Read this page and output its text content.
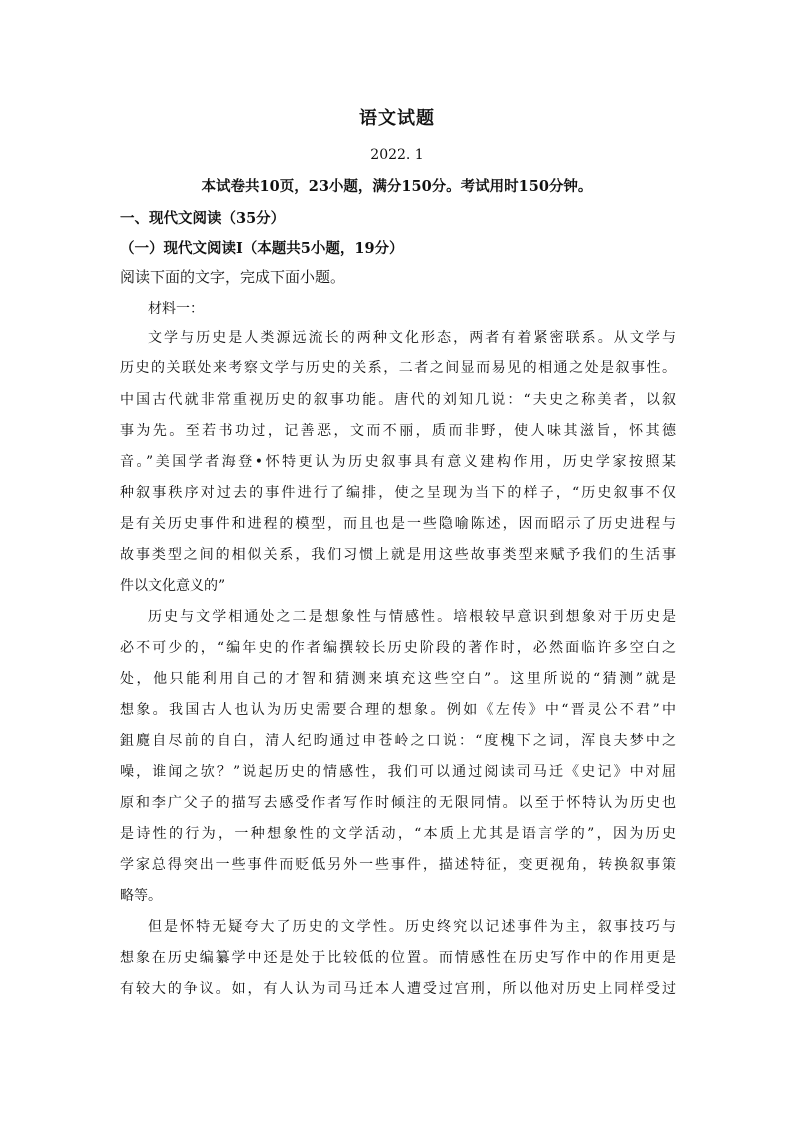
语文试题
2022. 1
本试卷共10页，23小题，满分150分。考试用时150分钟。
一、现代文阅读（35分）
（一）现代文阅读Ⅰ（本题共5小题，19分）
阅读下面的文字，完成下面小题。
材料一：
文学与历史是人类源远流长的两种文化形态，两者有着紧密联系。从文学与
历史的关联处来考察文学与历史的关系，二者之间显而易见的相通之处是叙事性。
中国古代就非常重视历史的叙事功能。唐代的刘知几说：“夫史之称美者，以叙
事为先。至若书功过，记善恶，文而不丽，质而非野，使人味其滋旨，怀其德
音。”美国学者海登•怀特更认为历史叙事具有意义建构作用，历史学家按照某
种叙事秩序对过去的事件进行了编排，使之呈现为当下的样子，“历史叙事不仅
是有关历史事件和进程的模型，而且也是一些隐喻陈述，因而昭示了历史进程与
故事类型之间的相似关系，我们习惯上就是用这些故事类型来赋予我们的生活事
件以文化意义的”
历史与文学相通处之二是想象性与情感性。培根较早意识到想象对于历史是
必不可少的，“编年史的作者编撰较长历史阶段的著作时，必然面临许多空白之
处，他只能利用自己的才智和猜测来填充这些空白”。这里所说的“猜测”就是
想象。我国古人也认为历史需要合理的想象。例如《左传》中“晋灵公不君”中
鉏麑自尽前的自白，清人纪昀通过申苍岭之口说：“度槐下之词，浑良夫梦中之
噪，谁闻之欤？”说起历史的情感性，我们可以通过阅读司马迁《史记》中对屈
原和李广父子的描写去感受作者写作时倾注的无限同情。以至于怀特认为历史也
是诗性的行为，一种想象性的文学活动，“本质上尤其是语言学的”，因为历史
学家总得突出一些事件而贬低另外一些事件，描述特征，变更视角，转换叙事策
略等。
但是怀特无疑夸大了历史的文学性。历史终究以记述事件为主，叙事技巧与
想象在历史编纂学中还是处于比较低的位置。而情感性在历史写作中的作用更是
有较大的争议。如，有人认为司马迁本人遭受过宫刑，所以他对历史上同样受过
